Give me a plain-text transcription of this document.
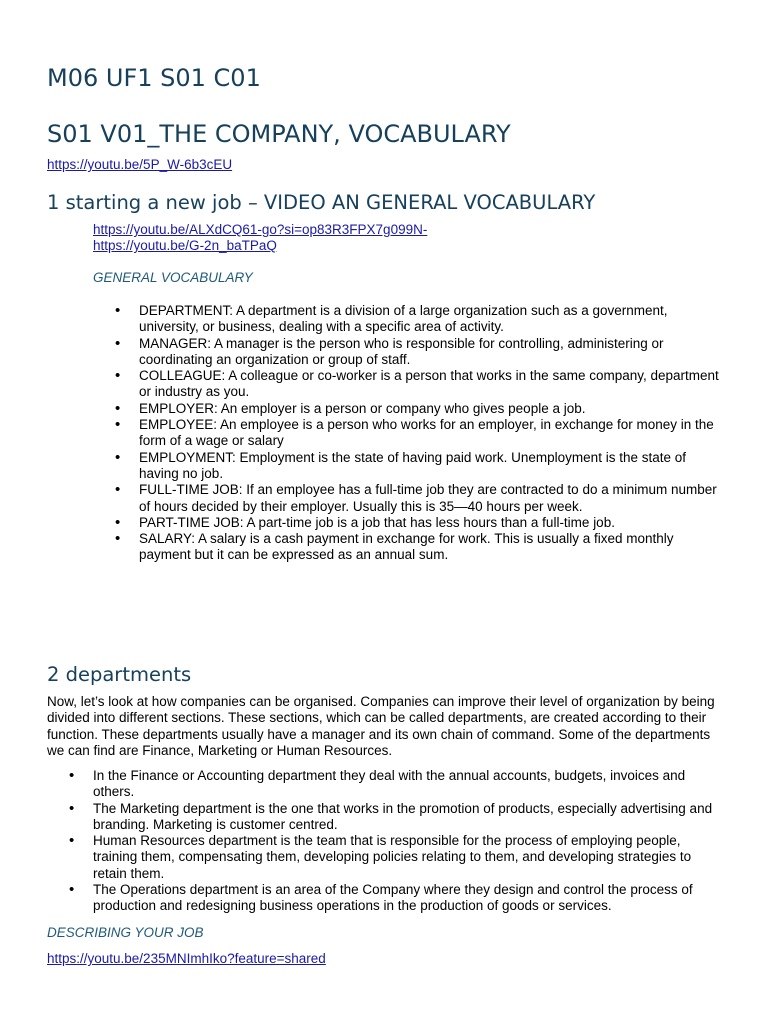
M06 UF1 S01 C01
S01 V01_THE COMPANY, VOCABULARY
https://youtu.be/5P_W-6b3cEU
1 starting a new job – VIDEO AN GENERAL VOCABULARY
https://youtu.be/ALXdCQ61-go?si=op83R3FPX7g099N-
https://youtu.be/G-2n_baTPaQ

GENERAL VOCABULARY

• DEPARTMENT: A department is a division of a large organization such as a government, university, or business, dealing with a specific area of activity.
• MANAGER: A manager is the person who is responsible for controlling, administering or coordinating an organization or group of staff.
• COLLEAGUE: A colleague or co-worker is a person that works in the same company, department or industry as you.
• EMPLOYER: An employer is a person or company who gives people a job.
• EMPLOYEE: An employee is a person who works for an employer, in exchange for money in the form of a wage or salary
• EMPLOYMENT: Employment is the state of having paid work. Unemployment is the state of having no job.
• FULL-TIME JOB: If an employee has a full-time job they are contracted to do a minimum number of hours decided by their employer. Usually this is 35—40 hours per week.
• PART-TIME JOB: A part-time job is a job that has less hours than a full-time job.
• SALARY: A salary is a cash payment in exchange for work. This is usually a fixed monthly payment but it can be expressed as an annual sum.
2 departments

Now, let’s look at how companies can be organised. Companies can improve their level of organization by being divided into different sections. These sections, which can be called departments, are created according to their function. These departments usually have a manager and its own chain of command. Some of the departments we can find are Finance, Marketing or Human Resources.

• In the Finance or Accounting department they deal with the annual accounts, budgets, invoices and others.
• The Marketing department is the one that works in the promotion of products, especially advertising and branding. Marketing is customer centred.
• Human Resources department is the team that is responsible for the process of employing people, training them, compensating them, developing policies relating to them, and developing strategies to retain them.
• The Operations department is an area of the Company where they design and control the process of production and redesigning business operations in the production of goods or services.

DESCRIBING YOUR JOB

https://youtu.be/235MNImhIko?feature=shared
